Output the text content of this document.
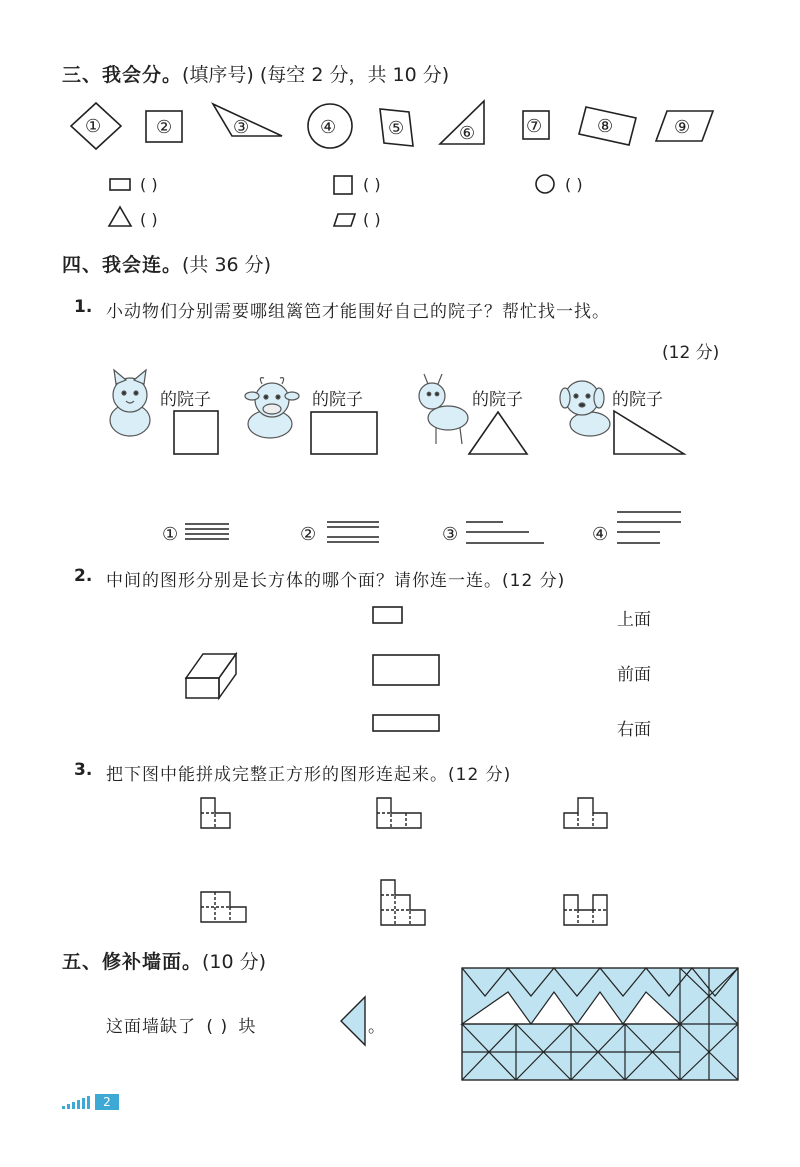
三、我会分。(填序号) (每空 2 分，共 10 分)
①	②	③	④	⑤	⑥	⑦	⑧	⑨
( )	( )	( )
( )	( )
四、我会连。(共 36 分)
1. 小动物们分别需要哪组篱笆才能围好自己的院子？帮忙找一找。
(12 分)
①	②	③	④
的院子	的院子	的院子	的院子
2. 中间的图形分别是长方体的哪个面？请你连一连。(12 分)
上面
前面
右面
3. 把下图中能拼成完整正方形的图形连起来。(12 分)
五、修补墙面。(10 分)
这面墙缺了 ( ) 块	。
2
